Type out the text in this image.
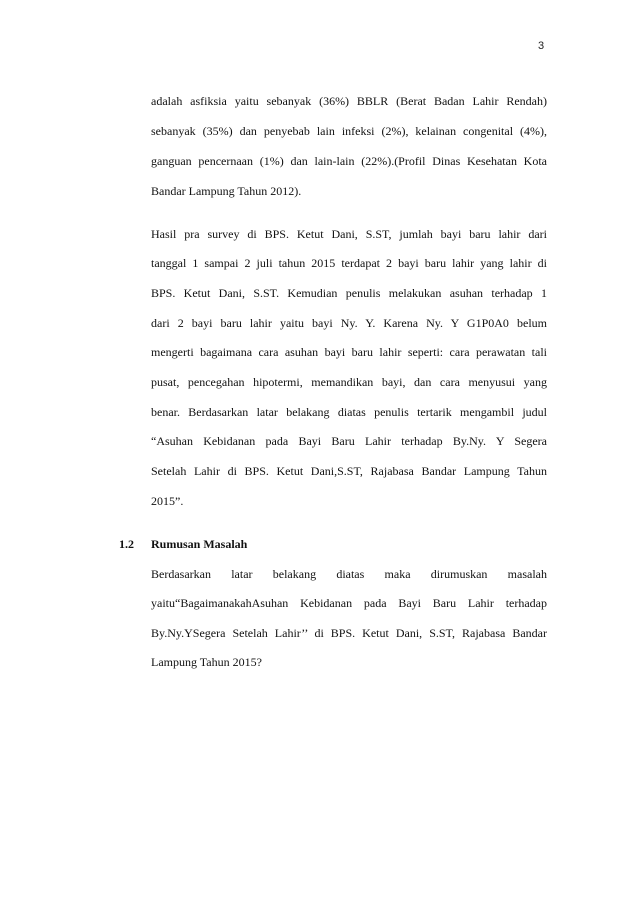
3
adalah asfiksia yaitu sebanyak (36%) BBLR (Berat Badan Lahir Rendah)
sebanyak (35%) dan penyebab lain infeksi (2%), kelainan congenital (4%),
ganguan pencernaan (1%) dan lain-lain (22%).(Profil Dinas Kesehatan Kota
Bandar Lampung Tahun 2012).
Hasil pra survey di BPS. Ketut Dani, S.ST, jumlah bayi baru lahir dari
tanggal 1 sampai 2 juli tahun 2015 terdapat 2 bayi baru lahir yang lahir di
BPS. Ketut Dani, S.ST. Kemudian penulis melakukan asuhan terhadap 1
dari 2 bayi baru lahir yaitu bayi Ny. Y. Karena Ny. Y G1P0A0 belum
mengerti bagaimana cara asuhan bayi baru lahir seperti: cara perawatan tali
pusat, pencegahan hipotermi, memandikan bayi, dan cara menyusui yang
benar. Berdasarkan latar belakang diatas penulis tertarik mengambil judul
“Asuhan Kebidanan pada Bayi Baru Lahir terhadap By.Ny. Y Segera
Setelah Lahir di BPS. Ketut Dani,S.ST, Rajabasa Bandar Lampung Tahun
2015”.
1.2 Rumusan Masalah
Berdasarkan latar belakang diatas maka dirumuskan masalah
yaitu“BagaimanakahAsuhan Kebidanan pada Bayi Baru Lahir terhadap
By.Ny.YSegera Setelah Lahir’’ di BPS. Ketut Dani, S.ST, Rajabasa Bandar
Lampung Tahun 2015?
